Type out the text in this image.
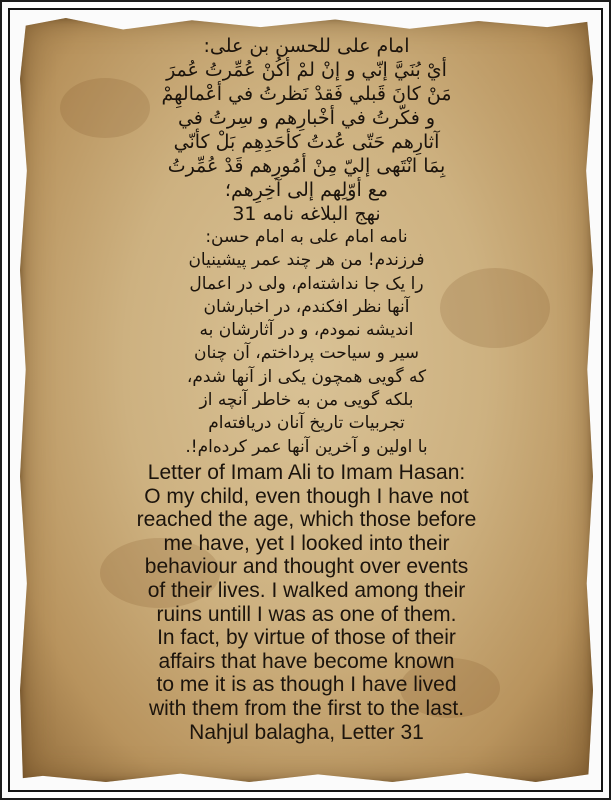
امام علی للحسن بن علی:
أيْ بُنَيَّ إنّي و إنْ لمْ أكُنْ عُمِّرتُ عُمرَ
مَنْ كانَ قَبلي فَقدْ نَظرتُ في أعْمالهِمْ
و فكّرتُ في أخْبارِهم و سِرتُ في
آثارِهم حَتّى عُدتُ كأحَدِهِم بَلْ كأنّي
بِمَا انْتَهى إليّ مِنْ أمُورِهم قَدْ عُمِّرتُ
مع أوّلِهم إلى آخِرِهم؛
نهج البلاغه نامه 31
نامه امام علی به امام حسن:
فرزندم! من هر چند عمر پیشینیان
را یک جا نداشته‌ام، ولی در اعمال
آنها نظر افکندم، در اخبارشان
اندیشه نمودم، و در آثارشان به
سیر و سیاحت پرداختم، آن چنان
که گویی همچون یکی از آنها شدم،
بلکه گویی من به خاطر آنچه از
تجربیات تاریخ آنان دریافته‌ام
با اولین و آخرین آنها عمر کرده‌ام!.
Letter of Imam Ali to Imam Hasan:
O my child, even though I have not
reached the age, which those before
me have, yet I looked into their
behaviour and thought over events
of their lives. I walked among their
ruins untill I was as one of them.
In fact, by virtue of those of their
affairs that have become known
to me it is as though I have lived
with them from the first to the last.
Nahjul balagha, Letter 31
